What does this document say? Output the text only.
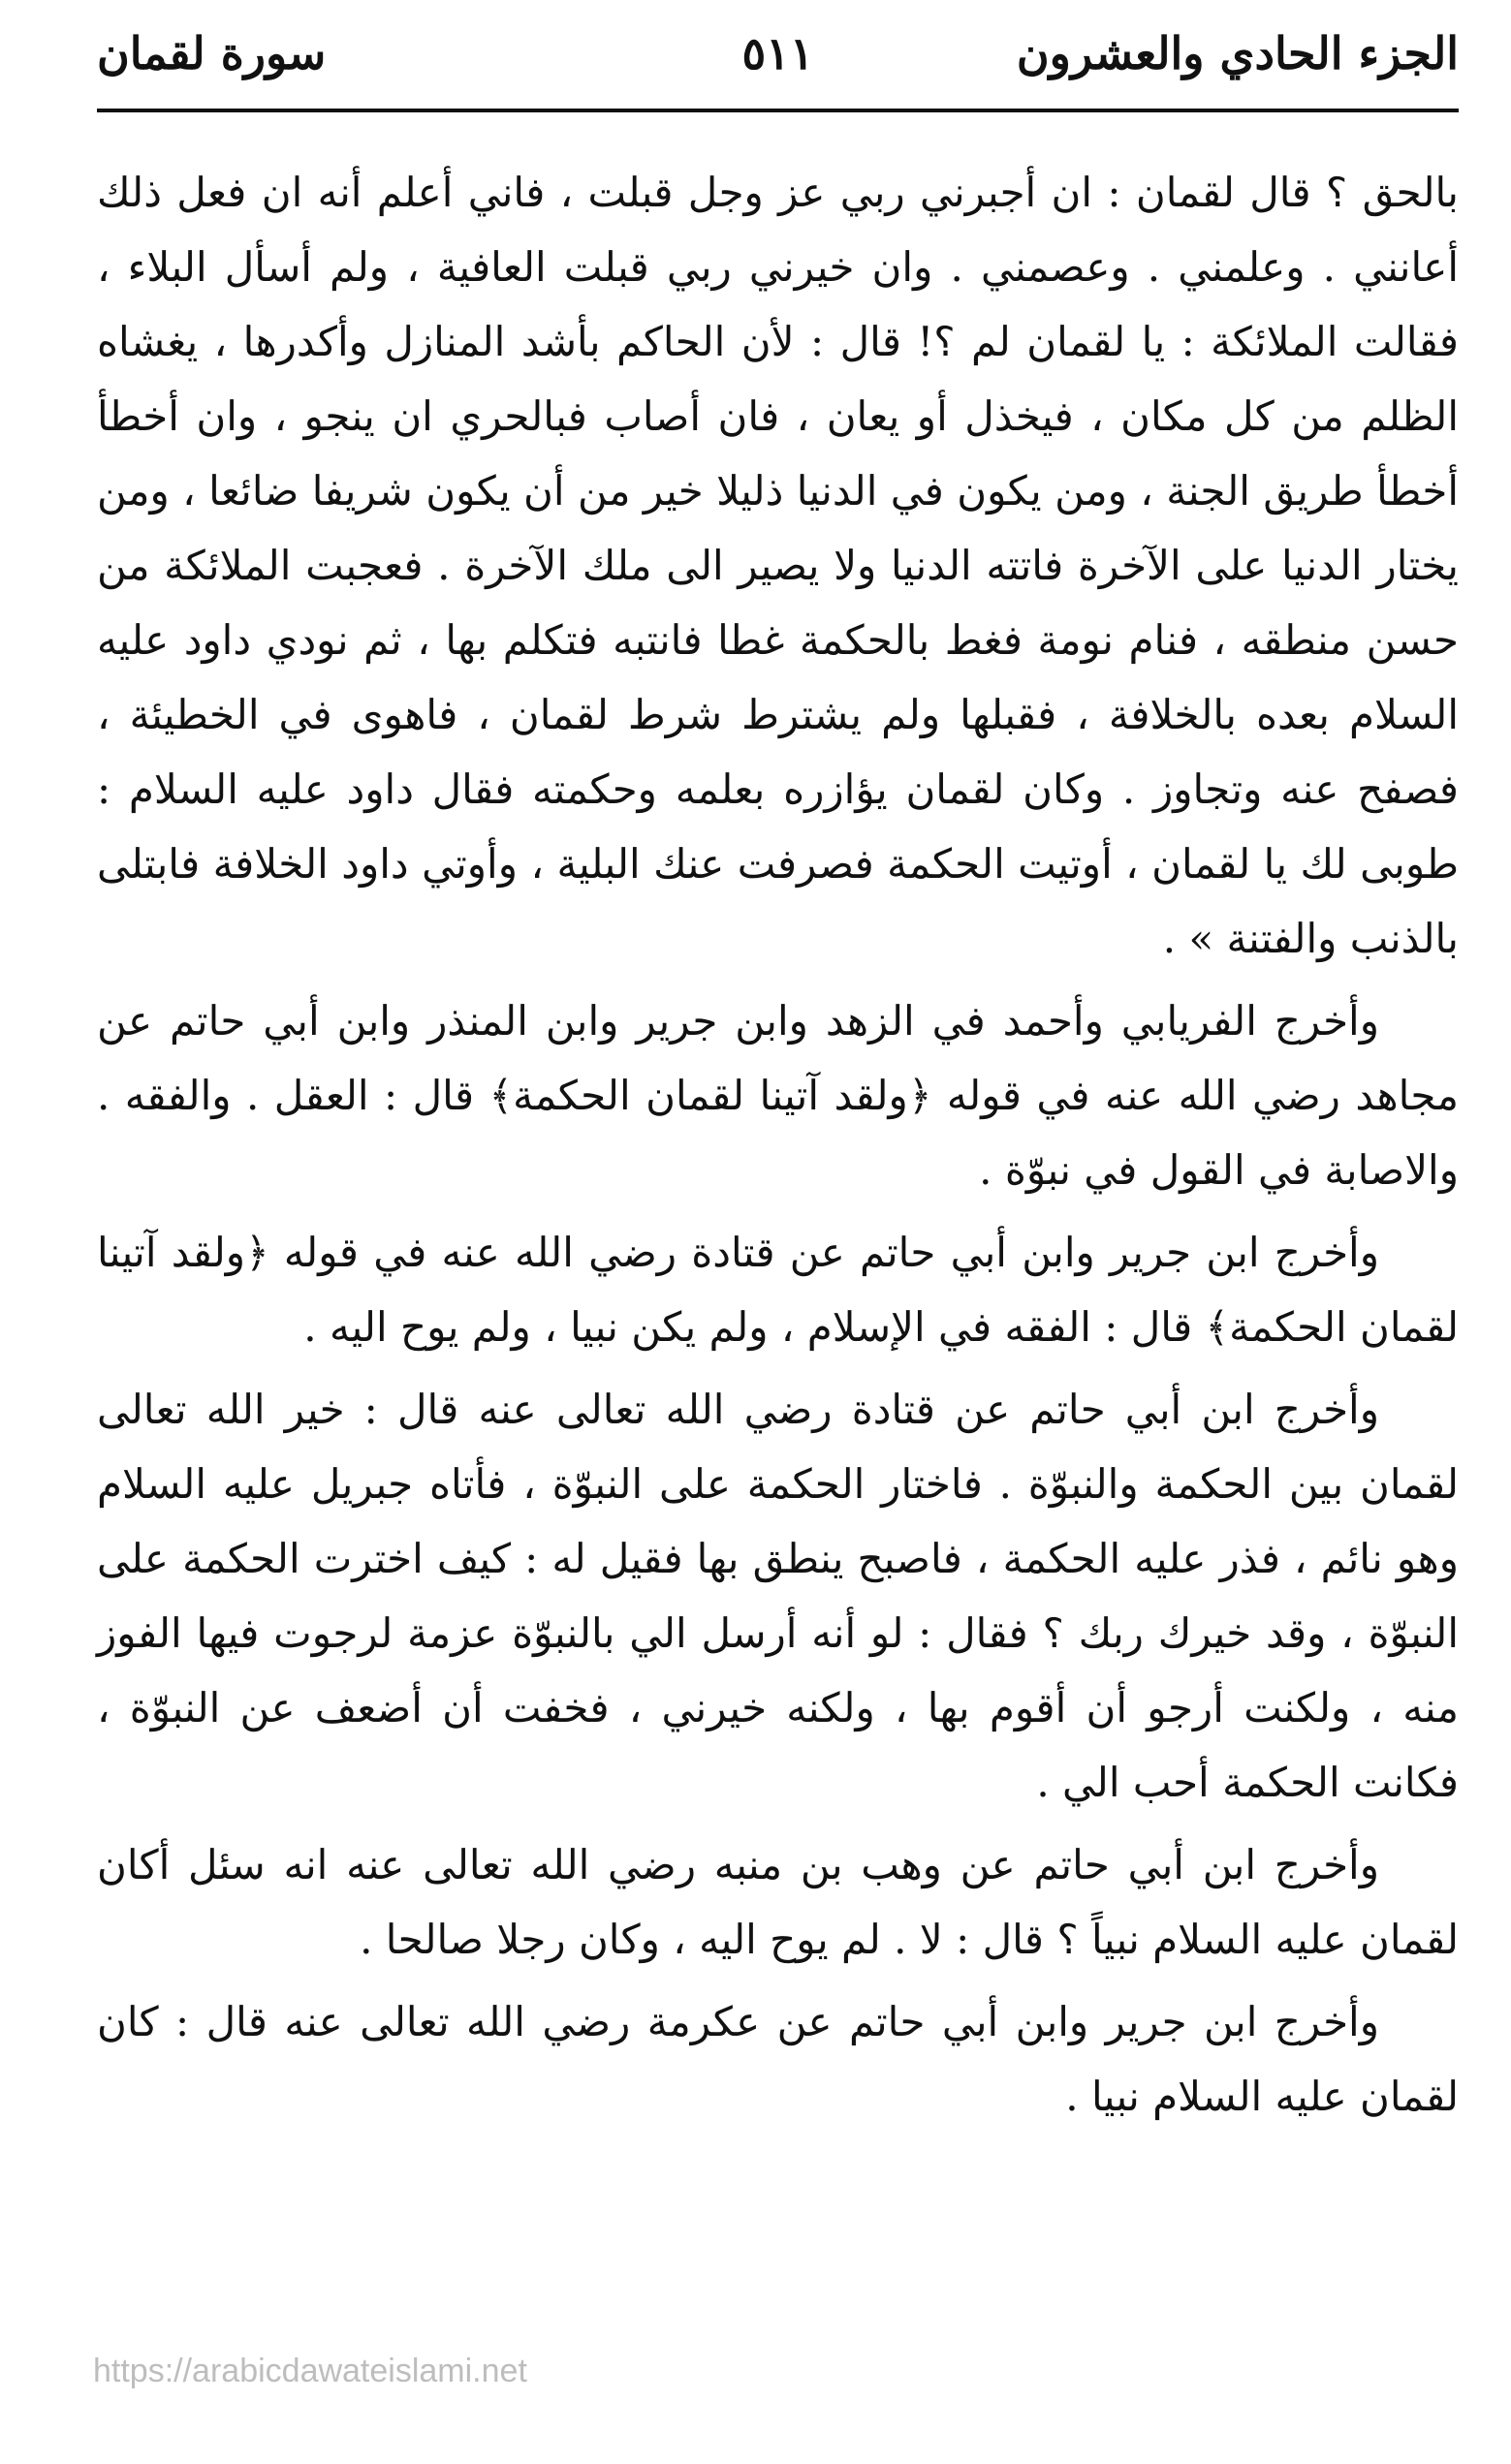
الجزء الحادي والعشرون
٥١١
سورة لقمان

بالحق ؟ قال لقمان : ان أجبرني ربي عز وجل قبلت ، فاني أعلم أنه ان فعل ذلك أعانني . وعلمني . وعصمني . وان خيرني ربي قبلت العافية ، ولم أسأل البلاء ، فقالت الملائكة : يا لقمان لم ؟! قال : لأن الحاكم بأشد المنازل وأكدرها ، يغشاه الظلم من كل مكان ، فيخذل أو يعان ، فان أصاب فبالحري ان ينجو ، وان أخطأ أخطأ طريق الجنة ، ومن يكون في الدنيا ذليلا خير من أن يكون شريفا ضائعا ، ومن يختار الدنيا على الآخرة فاتته الدنيا ولا يصير الى ملك الآخرة . فعجبت الملائكة من حسن منطقه ، فنام نومة فغط بالحكمة غطا فانتبه فتكلم بها ، ثم نودي داود عليه السلام بعده بالخلافة ، فقبلها ولم يشترط شرط لقمان ، فاهوى في الخطيئة ، فصفح عنه وتجاوز . وكان لقمان يؤازره بعلمه وحكمته فقال داود عليه السلام : طوبى لك يا لقمان ، أوتيت الحكمة فصرفت عنك البلية ، وأوتي داود الخلافة فابتلى بالذنب والفتنة » .

وأخرج الفريابي وأحمد في الزهد وابن جرير وابن المنذر وابن أبي حاتم عن مجاهد رضي الله عنه في قوله ﴿ولقد آتينا لقمان الحكمة﴾ قال : العقل . والفقه . والاصابة في القول في نبوّة .

وأخرج ابن جرير وابن أبي حاتم عن قتادة رضي الله عنه في قوله ﴿ولقد آتينا لقمان الحكمة﴾ قال : الفقه في الإسلام ، ولم يكن نبيا ، ولم يوح اليه .

وأخرج ابن أبي حاتم عن قتادة رضي الله تعالى عنه قال : خير الله تعالى لقمان بين الحكمة والنبوّة . فاختار الحكمة على النبوّة ، فأتاه جبريل عليه السلام وهو نائم ، فذر عليه الحكمة ، فاصبح ينطق بها فقيل له : كيف اخترت الحكمة على النبوّة ، وقد خيرك ربك ؟ فقال : لو أنه أرسل الي بالنبوّة عزمة لرجوت فيها الفوز منه ، ولكنت أرجو أن أقوم بها ، ولكنه خيرني ، فخفت أن أضعف عن النبوّة ، فكانت الحكمة أحب الي .

وأخرج ابن أبي حاتم عن وهب بن منبه رضي الله تعالى عنه انه سئل أكان لقمان عليه السلام نبياً ؟ قال : لا . لم يوح اليه ، وكان رجلا صالحا .

وأخرج ابن جرير وابن أبي حاتم عن عكرمة رضي الله تعالى عنه قال : كان لقمان عليه السلام نبيا .

https://arabicdawateislami.net
